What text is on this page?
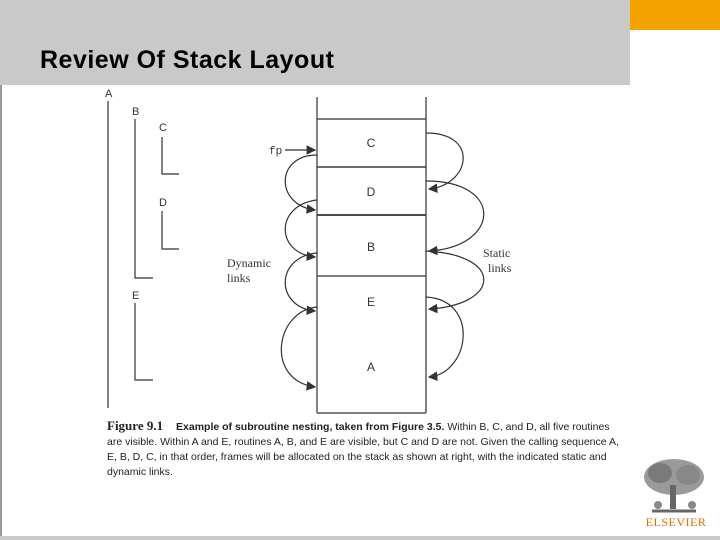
Review Of Stack Layout
A
B
C
D
E
C
D
B
E
A
fp
Dynamic
links
Static
links
Figure 9.1 Example of subroutine nesting, taken from Figure 3.5. Within B, C, and D, all five routines are visible. Within A and E, routines A, B, and E are visible, but C and D are not. Given the calling sequence A, E, B, D, C, in that order, frames will be allocated on the stack as shown at right, with the indicated static and dynamic links.
ELSEVIER
